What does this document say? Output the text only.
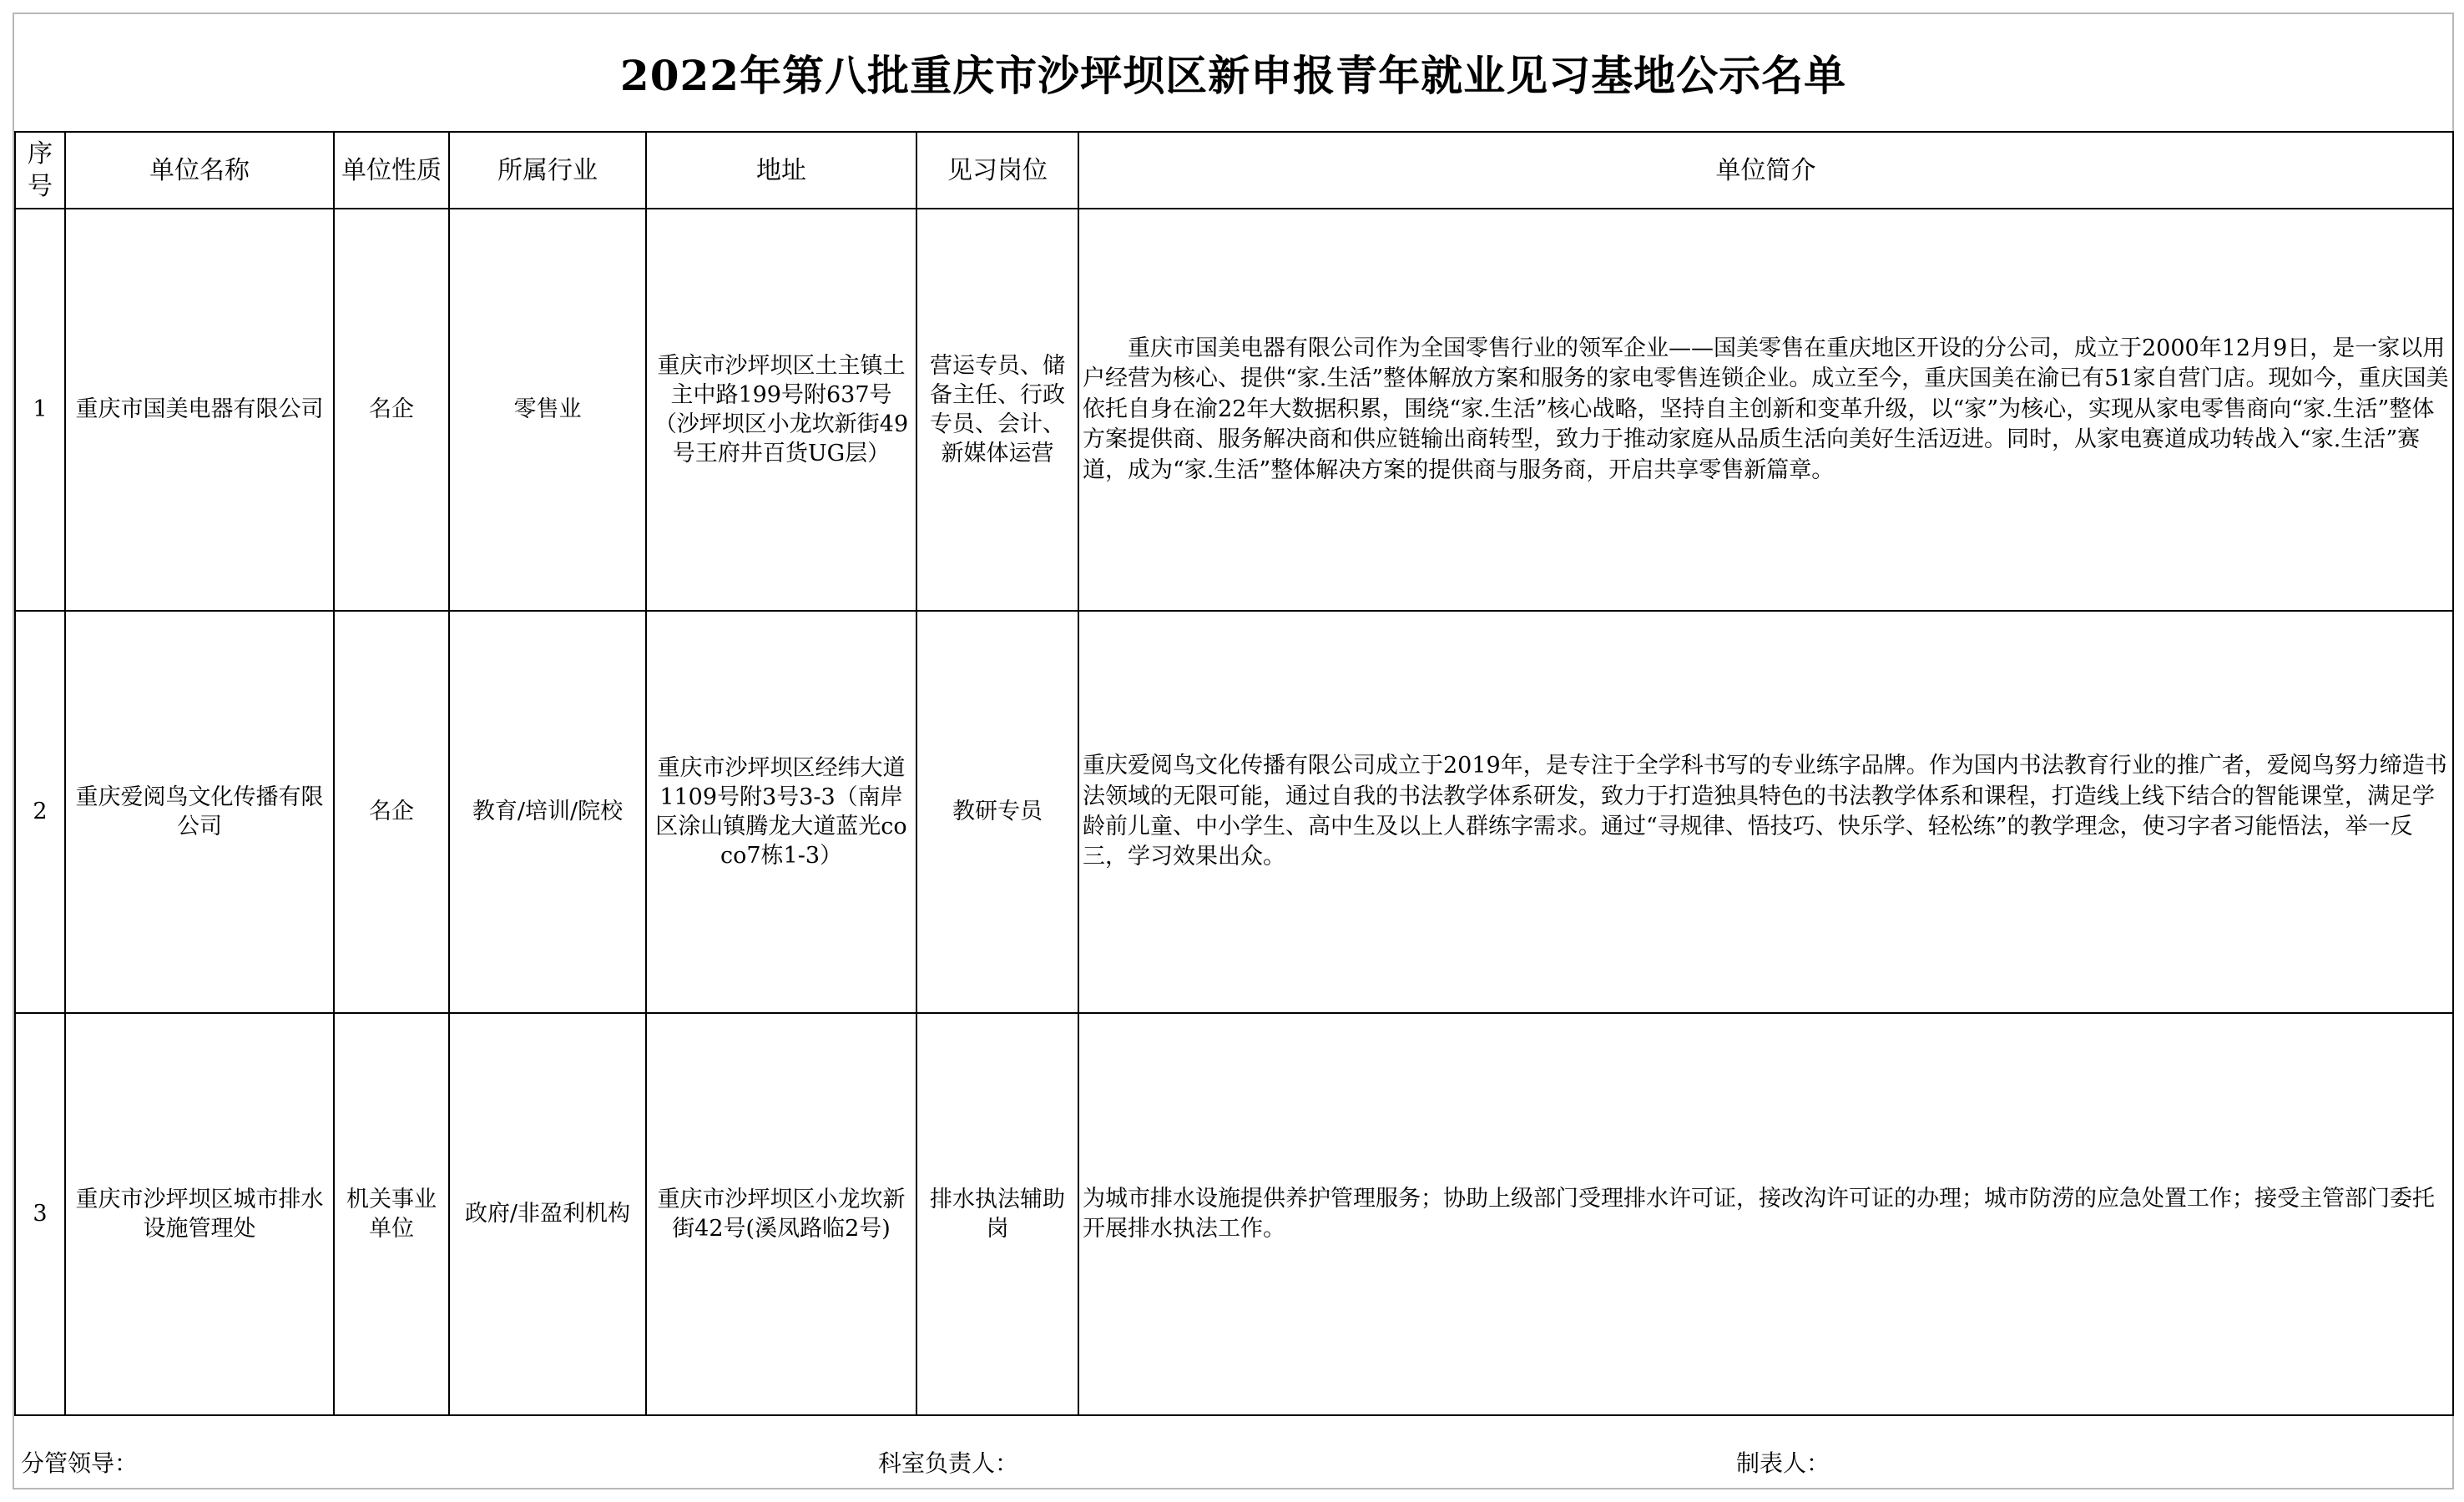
2022年第八批重庆市沙坪坝区新申报青年就业见习基地公示名单
序号	单位名称	单位性质	所属行业	地址	见习岗位	单位简介
1	重庆市国美电器有限公司	名企	零售业	重庆市沙坪坝区土主镇土主中路199号附637号（沙坪坝区小龙坎新街49号王府井百货UG层）	营运专员、储备主任、行政专员、会计、新媒体运营	重庆市国美电器有限公司作为全国零售行业的领军企业——国美零售在重庆地区开设的分公司，成立于2000年12月9日，是一家以用户经营为核心、提供“家.生活”整体解放方案和服务的家电零售连锁企业。成立至今，重庆国美在渝已有51家自营门店。现如今，重庆国美依托自身在渝22年大数据积累，围绕“家.生活”核心战略，坚持自主创新和变革升级，以“家”为核心，实现从家电零售商向“家.生活”整体方案提供商、服务解决商和供应链输出商转型，致力于推动家庭从品质生活向美好生活迈进。同时，从家电赛道成功转战入“家.生活”赛道，成为“家.生活”整体解决方案的提供商与服务商，开启共享零售新篇章。

2	重庆爱阅鸟文化传播有限公司	名企	教育/培训/院校	重庆市沙坪坝区经纬大道1109号附3号3-3（南岸区涂山镇腾龙大道蓝光coco7栋1-3）	教研专员	重庆爱阅鸟文化传播有限公司成立于2019年，是专注于全学科书写的专业练字品牌。作为国内书法教育行业的推广者，爱阅鸟努力缔造书法领域的无限可能，通过自我的书法教学体系研发，致力于打造独具特色的书法教学体系和课程，打造线上线下结合的智能课堂，满足学龄前儿童、中小学生、高中生及以上人群练字需求。通过“寻规律、悟技巧、快乐学、轻松练”的教学理念，使习字者习能悟法，举一反三，学习效果出众。
3	重庆市沙坪坝区城市排水设施管理处	机关事业单位	政府/非盈利机构	重庆市沙坪坝区小龙坎新街42号(溪凤路临2号)	排水执法辅助岗	为城市排水设施提供养护管理服务；协助上级部门受理排水许可证，接改沟许可证的办理；城市防涝的应急处置工作；接受主管部门委托开展排水执法工作。
分管领导：	科室负责人：	制表人：
